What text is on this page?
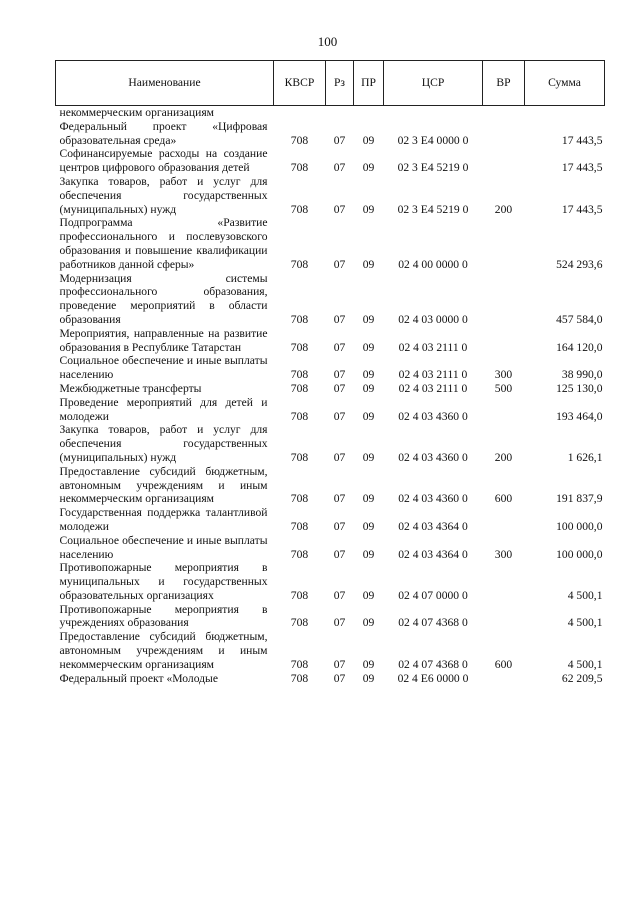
100
Наименование	КВСР	Рз	ПР	ЦСР	ВР	Сумма
некоммерческим организациям						
Федеральный проект «Цифровая образовательная среда»	708	07	09	02 3 Е4 0000 0		17 443,5
Софинансируемые расходы на создание центров цифрового образования детей	708	07	09	02 3 Е4 5219 0		17 443,5
Закупка товаров, работ и услуг для обеспечения государственных (муниципальных) нужд	708	07	09	02 3 Е4 5219 0	200	17 443,5
Подпрограмма «Развитие профессионального и послевузовского образования и повышение квалификации работников данной сферы»	708	07	09	02 4 00 0000 0		524 293,6
Модернизация системы профессионального образования, проведение мероприятий в области образования	708	07	09	02 4 03 0000 0		457 584,0
Мероприятия, направленные на развитие образования в Республике Татарстан	708	07	09	02 4 03 2111 0		164 120,0
Социальное обеспечение и иные выплаты населению	708	07	09	02 4 03 2111 0	300	38 990,0
Межбюджетные трансферты	708	07	09	02 4 03 2111 0	500	125 130,0
Проведение мероприятий для детей и молодежи	708	07	09	02 4 03 4360 0		193 464,0
Закупка товаров, работ и услуг для обеспечения государственных (муниципальных) нужд	708	07	09	02 4 03 4360 0	200	1 626,1
Предоставление субсидий бюджетным, автономным учреждениям и иным некоммерческим организациям	708	07	09	02 4 03 4360 0	600	191 837,9
Государственная поддержка талантливой молодежи	708	07	09	02 4 03 4364 0		100 000,0
Социальное обеспечение и иные выплаты населению	708	07	09	02 4 03 4364 0	300	100 000,0
Противопожарные мероприятия в муниципальных и государственных образовательных организациях	708	07	09	02 4 07 0000 0		4 500,1
Противопожарные мероприятия в учреждениях образования	708	07	09	02 4 07 4368 0		4 500,1
Предоставление субсидий бюджетным, автономным учреждениям и иным некоммерческим организациям	708	07	09	02 4 07 4368 0	600	4 500,1
Федеральный проект «Молодые	708	07	09	02 4 Е6 0000 0		62 209,5
